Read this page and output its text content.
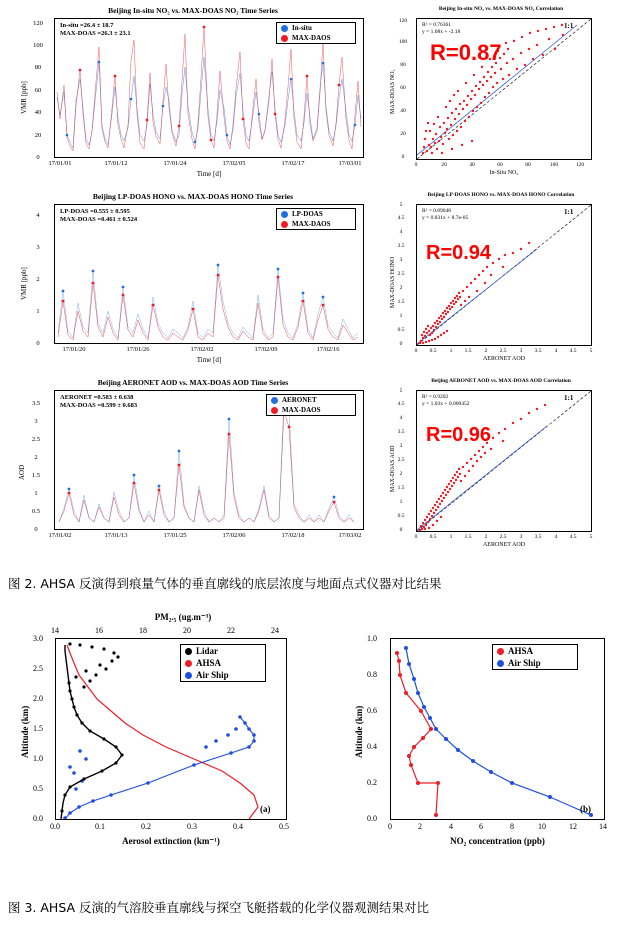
Beijing In-situ NO₂ vs. MAX-DOAS NO₂ Time Series
In-situ =26.4 ± 18.7
MAX-DOAS =26.3 ± 23.1
In-situ
MAX-DAOS
0
20
40
60
80
100
120
17/01/01	17/01/12	17/01/24	17/02/05	17/02/17	17/03/01
Time [d]
VMR [ppb]
Beijing LP-DOAS HONO vs. MAX-DOAS HONO Time Series
LP-DOAS =0.555 ± 0.595
MAX-DOAS =0.461 ± 0.524
LP-DOAS
MAX-DAOS
0
1
2
3
4
17/01/20	17/01/26	17/02/02	17/02/09	17/02/16
Time [d]
VMR [ppb]
Beijing AERONET AOD vs. MAX-DOAS AOD Time Series
AERONET =0.583 ± 0.638
MAX-DOAS =0.599 ± 0.683
AERONET
MAX-DAOS
0
0.5
1
1.5
2
2.5
3
3.5
17/01/02	17/01/13	17/01/25	17/02/06	17/02/18	17/03/02
AOD
Beijing In-situ NO₂ vs. MAX-DOAS NO₂ Correlation
R² = 0.76361
y = 1.08x + -2.18
1:1
R=0.87
0
20
40
60
80
100
120
0	20	40	60	80	100	120
In-Situ NO₂
MAX-DOAS NO₂
Beijing LP-DOAS HONO vs. MAX-DOAS HONO Correlation
R² = 0.89048
y = 0.831x + 8.7e-05
1:1
R=0.94
0
0.5
1
1.5
2
2.5
3
3.5
4
4.5
5
0	0.5	1	1.5	2	2.5	3	3.5	4	4.5	5
AERONET AOD
MAX-DOAS HONO
Beijing AERONET AOD vs. MAX-DOAS AOD Correlation
R² = 0.9202
y = 1.03x + 0.000452
1:1
R=0.96
0
0.5
1
1.5
2
2.5
3
3.5
4
4.5
5
0	0.5	1	1.5	2	2.5	3	3.5	4	4.5	5
AERONET AOD
MAX-DOAS AOD
图 2. AHSA 反演得到痕量气体的垂直廓线的底层浓度与地面点式仪器对比结果
PM₂.₅ (ug.m⁻³)
14	16	18	20	22	24
Lidar
AHSA
Air Ship
(a)
0.0
0.5
1.0
1.5
2.0
2.5
3.0
0.0	0.1	0.2	0.3	0.4	0.5
Aerosol extinction (km⁻¹)
Altitude (km)
AHSA
Air Ship
(b)
0.0
0.2
0.4
0.6
0.8
1.0
0	2	4	6	8	10	12	14
NO₂ concentration (ppb)
Altitude (km)
图 3. AHSA 反演的气溶胶垂直廓线与探空飞艇搭载的化学仪器观测结果对比
